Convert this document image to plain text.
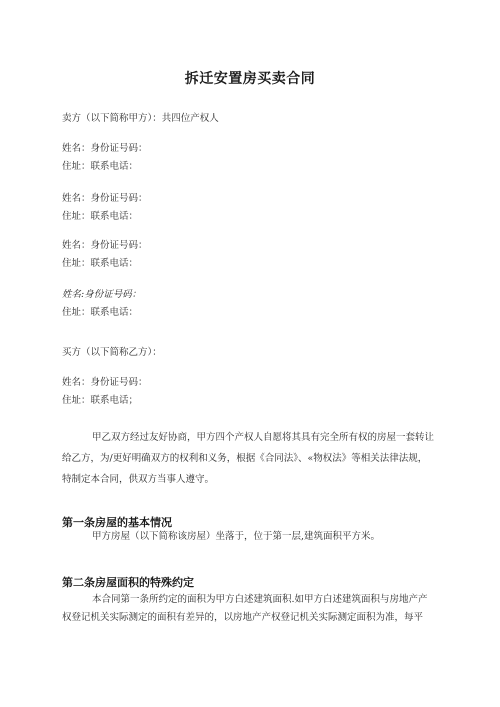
拆迁安置房买卖合同
卖方（以下简称甲方）：共四位产权人
姓名：身份证号码：
住址：联系电话：
姓名：身份证号码：
住址：联系电话：
姓名：身份证号码：
住址：联系电话：
姓名:身份证号码：
住址：联系电话：
买方（以下简称乙方）：
姓名：身份证号码：
住址：联系电话；
甲乙双方经过友好协商，甲方四个产权人自愿将其具有完全所有权的房屋一套转让
给乙方，为/更好明确双方的权利和义务，根据《合同法》、«物权法》等相关法律法规，
特制定本合同，供双方当事人遵守。
第一条房屋的基本情况
甲方房屋（以下简称该房屋）坐落于，位于第一层,建筑面积平方米。
第二条房屋面积的特殊约定
本合同第一条所约定的面积为甲方白述建筑面积.如甲方白述建筑面积与房地产产
权登记机关实际测定的面积有差异的，以房地产产权登记机关实际测定面积为准，每平
